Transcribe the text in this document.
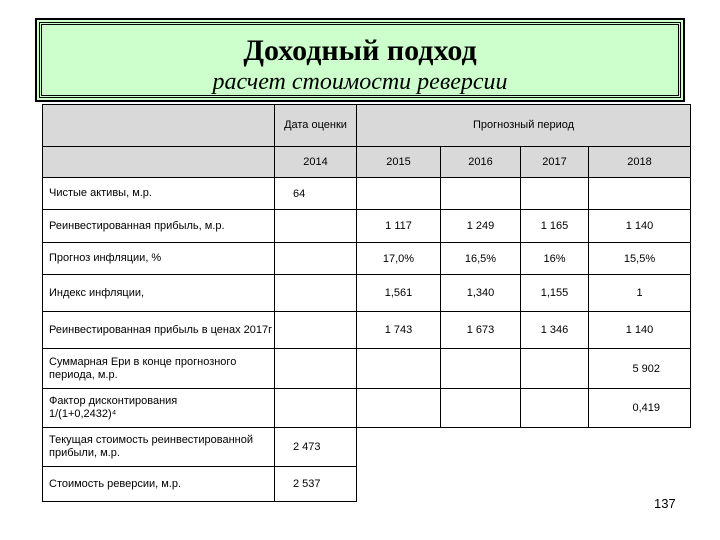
Доходный подход
расчет стоимости реверсии
	Дата оценки	Прогнозный период			
	2014	2015	2016	2017	2018
Чистые активы, м.р.	64				
Реинвестированная прибыль, м.р.		1 117	1 249	1 165	1 140
Прогноз инфляции, %		17,0%	16,5%	16%	15,5%
Индекс инфляции,		1,561	1,340	1,155	1
Реинвестированная прибыль в ценах 2017г		1 743	1 673	1 346	1 140
Суммарная Ери в конце прогнозного периода, м.р.					5 902

Фактор дисконтирования
1/(1+0,2432)⁴					0,419
Текущая стоимость реинвестированной прибыли, м.р.	2 473				
Стоимость реверсии, м.р.	2 537				
137
